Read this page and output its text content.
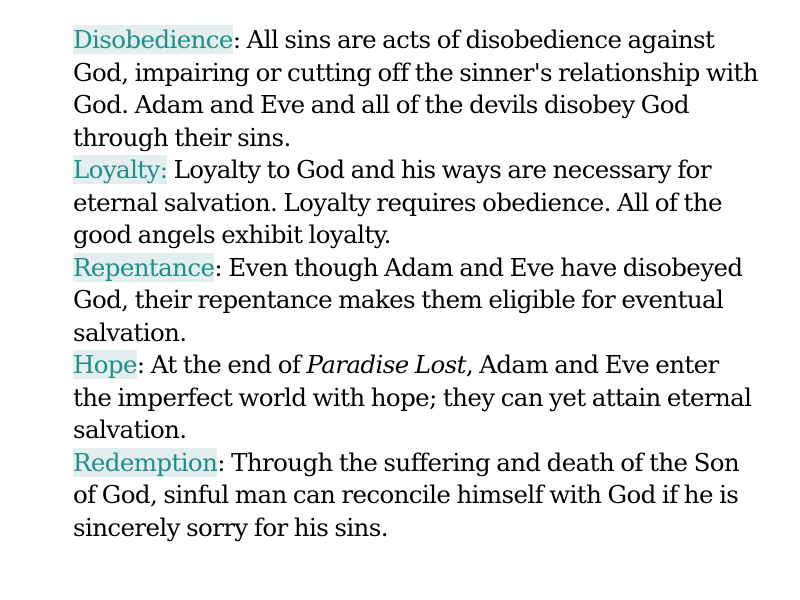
Disobedience: All sins are acts of disobedience against God, impairing or cutting off the sinner's relationship with God. Adam and Eve and all of the devils disobey God through their sins.

Loyalty: Loyalty to God and his ways are necessary for eternal salvation. Loyalty requires obedience. All of the good angels exhibit loyalty.

Repentance: Even though Adam and Eve have disobeyed God, their repentance makes them eligible for eventual salvation.

Hope: At the end of Paradise Lost, Adam and Eve enter the imperfect world with hope; they can yet attain eternal salvation.

Redemption: Through the suffering and death of the Son of God, sinful man can reconcile himself with God if he is sincerely sorry for his sins.
